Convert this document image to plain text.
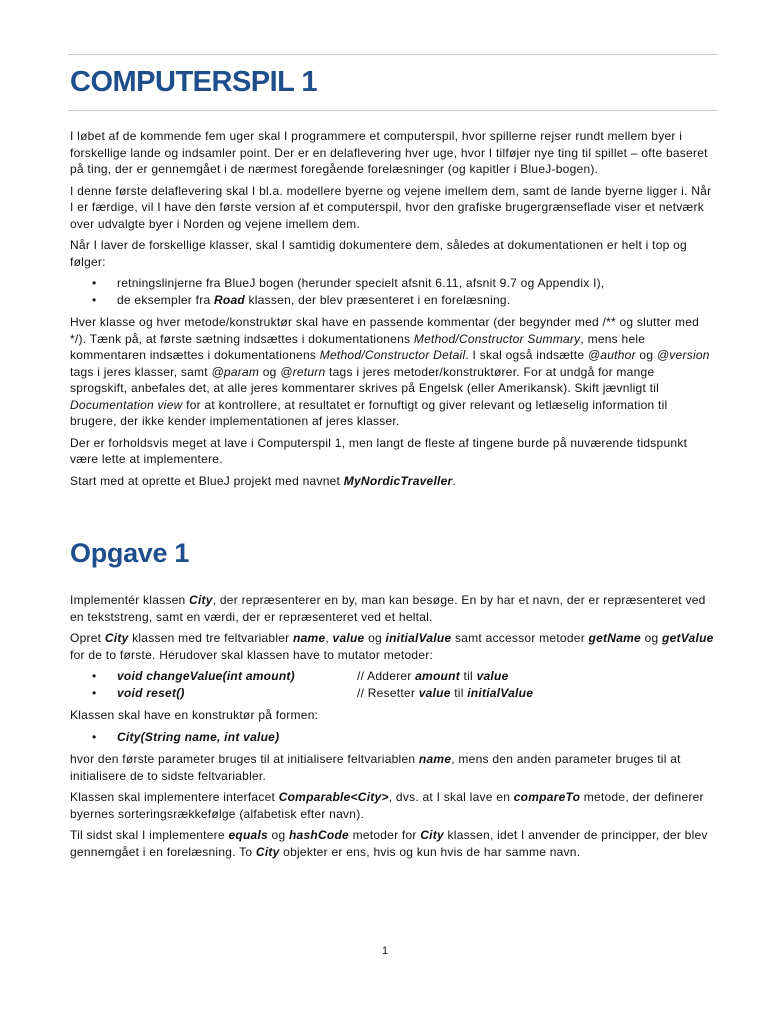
COMPUTERSPIL 1

I løbet af de kommende fem uger skal I programmere et computerspil, hvor spillerne rejser rundt mellem byer i forskellige lande og indsamler point. Der er en delaflevering hver uge, hvor I tilføjer nye ting til spillet – ofte baseret på ting, der er gennemgået i de nærmest foregående forelæsninger (og kapitler i BlueJ-bogen).

I denne første delaflevering skal I bl.a. modellere byerne og vejene imellem dem, samt de lande byerne ligger i. Når I er færdige, vil I have den første version af et computerspil, hvor den grafiske brugergrænseflade viser et netværk over udvalgte byer i Norden og vejene imellem dem.

Når I laver de forskellige klasser, skal I samtidig dokumentere dem, således at dokumentationen er helt i top og følger:

• retningslinjerne fra BlueJ bogen (herunder specielt afsnit 6.11, afsnit 9.7 og Appendix I),
• de eksempler fra Road klassen, der blev præsenteret i en forelæsning.

Hver klasse og hver metode/konstruktør skal have en passende kommentar (der begynder med /** og slutter med */). Tænk på, at første sætning indsættes i dokumentationens Method/Constructor Summary, mens hele kommentaren indsættes i dokumentationens Method/Constructor Detail. I skal også indsætte @author og @version tags i jeres klasser, samt @param og @return tags i jeres metoder/konstruktører. For at undgå for mange sprogskift, anbefales det, at alle jeres kommentarer skrives på Engelsk (eller Amerikansk). Skift jævnligt til Documentation view for at kontrollere, at resultatet er fornuftigt og giver relevant og letlæselig information til brugere, der ikke kender implementationen af jeres klasser.

Der er forholdsvis meget at lave i Computerspil 1, men langt de fleste af tingene burde på nuværende tidspunkt være lette at implementere.

Start med at oprette et BlueJ projekt med navnet MyNordicTraveller.

Opgave 1

Implementér klassen City, der repræsenterer en by, man kan besøge. En by har et navn, der er repræsenteret ved en tekststreng, samt en værdi, der er repræsenteret ved et heltal.

Opret City klassen med tre feltvariabler name, value og initialValue samt accessor metoder getName og getValue for de to første. Herudover skal klassen have to mutator metoder:

• void changeValue(int amount)	// Adderer amount til value
• void reset()	// Resetter value til initialValue

Klassen skal have en konstruktør på formen:

• City(String name, int value)

hvor den første parameter bruges til at initialisere feltvariablen name, mens den anden parameter bruges til at initialisere de to sidste feltvariabler.

Klassen skal implementere interfacet Comparable<City>, dvs. at I skal lave en compareTo metode, der definerer byernes sorteringsrækkefølge (alfabetisk efter navn).

Til sidst skal I implementere equals og hashCode metoder for City klassen, idet I anvender de principper, der blev gennemgået i en forelæsning. To City objekter er ens, hvis og kun hvis de har samme navn.

1
